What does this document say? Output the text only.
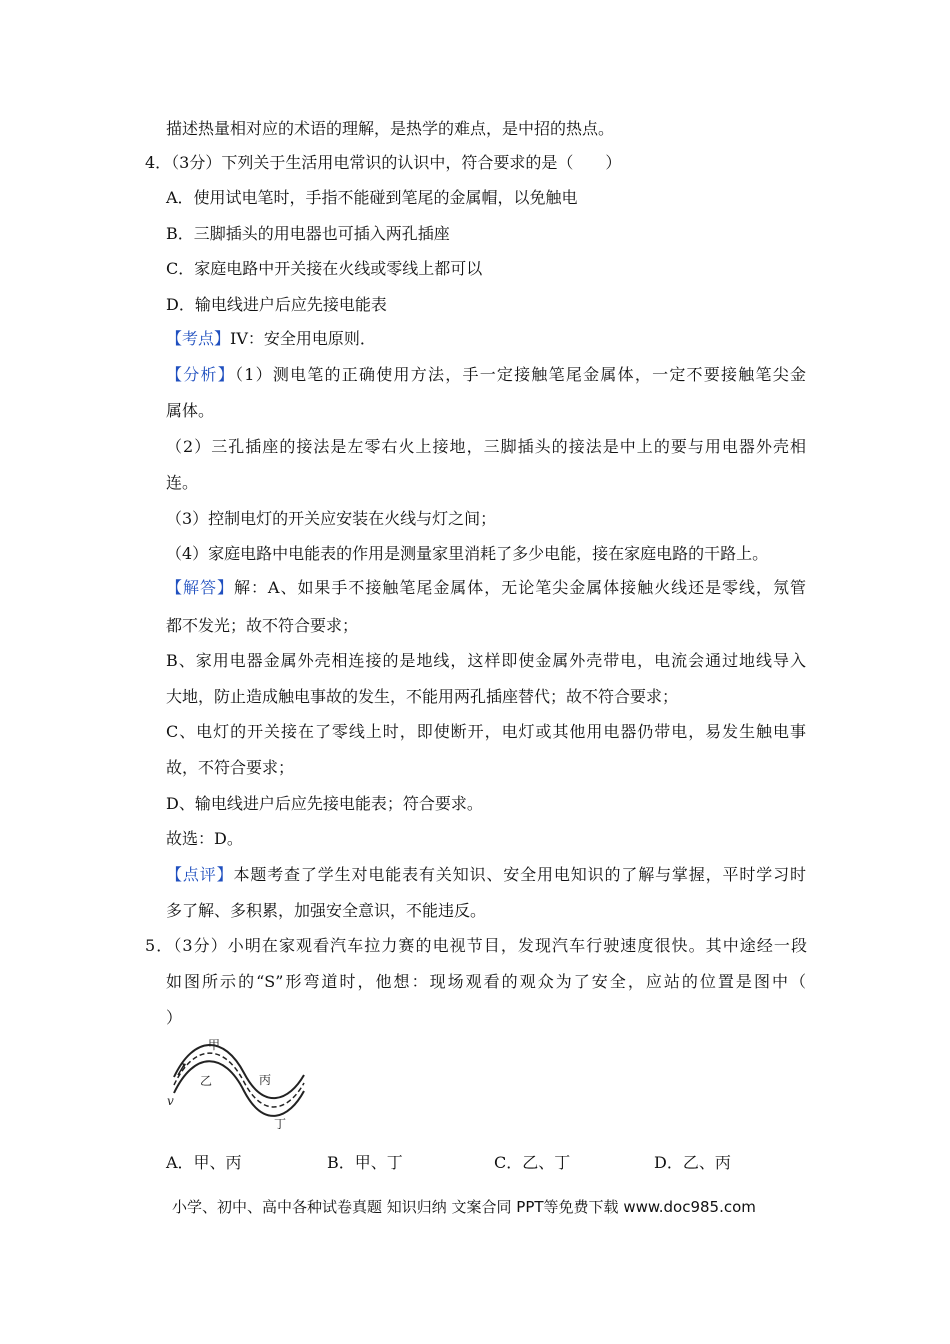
描述热量相对应的术语的理解，是热学的难点，是中招的热点。
4．（3分）下列关于生活用电常识的认识中，符合要求的是（　　）
A．使用试电笔时，手指不能碰到笔尾的金属帽，以免触电
B．三脚插头的用电器也可插入两孔插座
C．家庭电路中开关接在火线或零线上都可以
D．输电线进户后应先接电能表
【考点】IV：安全用电原则．
【分析】（1）测电笔的正确使用方法，手一定接触笔尾金属体，一定不要接触笔尖金
属体。
（2）三孔插座的接法是左零右火上接地，三脚插头的接法是中上的要与用电器外壳相
连。
（3）控制电灯的开关应安装在火线与灯之间；
（4）家庭电路中电能表的作用是测量家里消耗了多少电能，接在家庭电路的干路上。
【解答】解：A、如果手不接触笔尾金属体，无论笔尖金属体接触火线还是零线，氖管
都不发光；故不符合要求；
B、家用电器金属外壳相连接的是地线，这样即使金属外壳带电，电流会通过地线导入
大地，防止造成触电事故的发生，不能用两孔插座替代；故不符合要求；
C、电灯的开关接在了零线上时，即使断开，电灯或其他用电器仍带电，易发生触电事
故，不符合要求；
D、输电线进户后应先接电能表；符合要求。
故选：D。
【点评】本题考查了学生对电能表有关知识、安全用电知识的了解与掌握，平时学习时
多了解、多积累，加强安全意识，不能违反。
5．（3分）小明在家观看汽车拉力赛的电视节目，发现汽车行驶速度很快。其中途经一段
如图所示的“S”形弯道时，他想：现场观看的观众为了安全，应站的位置是图中（
）
甲
乙	丙
丁
v
A．甲、丙	B．甲、丁	C．乙、丁	D．乙、丙
小学、初中、高中各种试卷真题 知识归纳 文案合同 PPT等免费下载 www.doc985.com
